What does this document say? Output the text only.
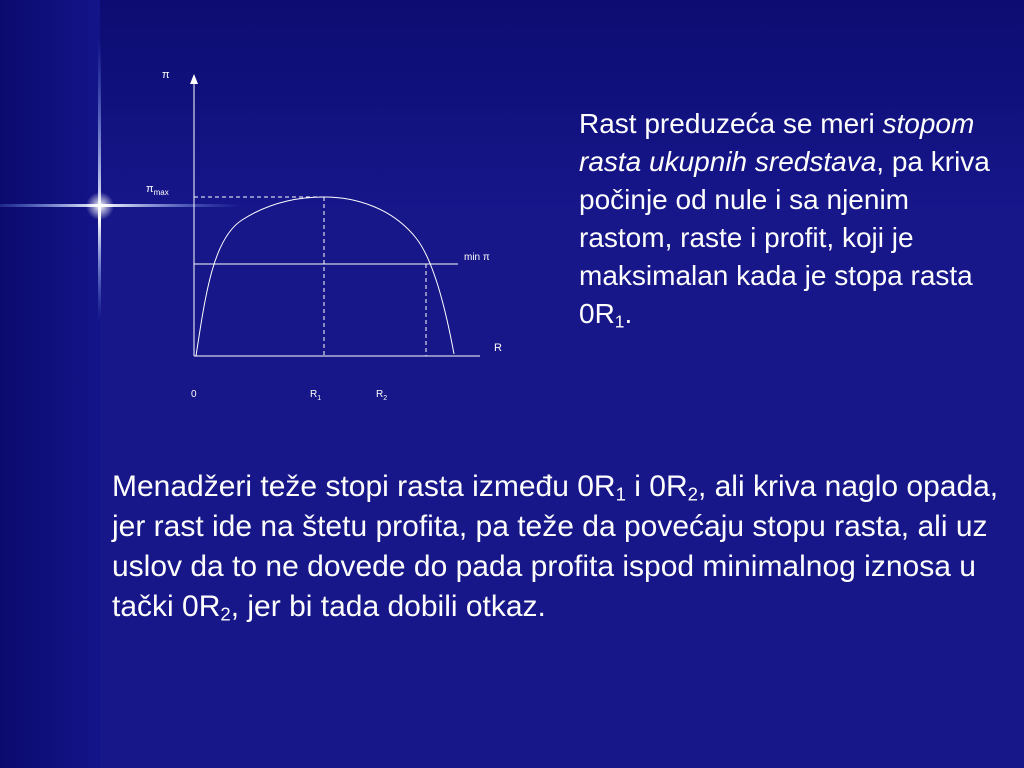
π
$\pi_{max}$
min π
R
0	$R_1$	$R_2$

Rast preduzeća se meri stopom rasta ukupnih sredstava, pa kriva počinje od nule i sa njenim rastom, raste i profit, koji je maksimalan kada je stopa rasta $0R_1$.

Menadžeri teže stopi rasta između $0R_1$ i $0R_2$, ali kriva naglo opada, jer rast ide na štetu profita, pa teže da povećaju stopu rasta, ali uz uslov da to ne dovede do pada profita ispod minimalnog iznosa u tački $0R_2$, jer bi tada dobili otkaz.
